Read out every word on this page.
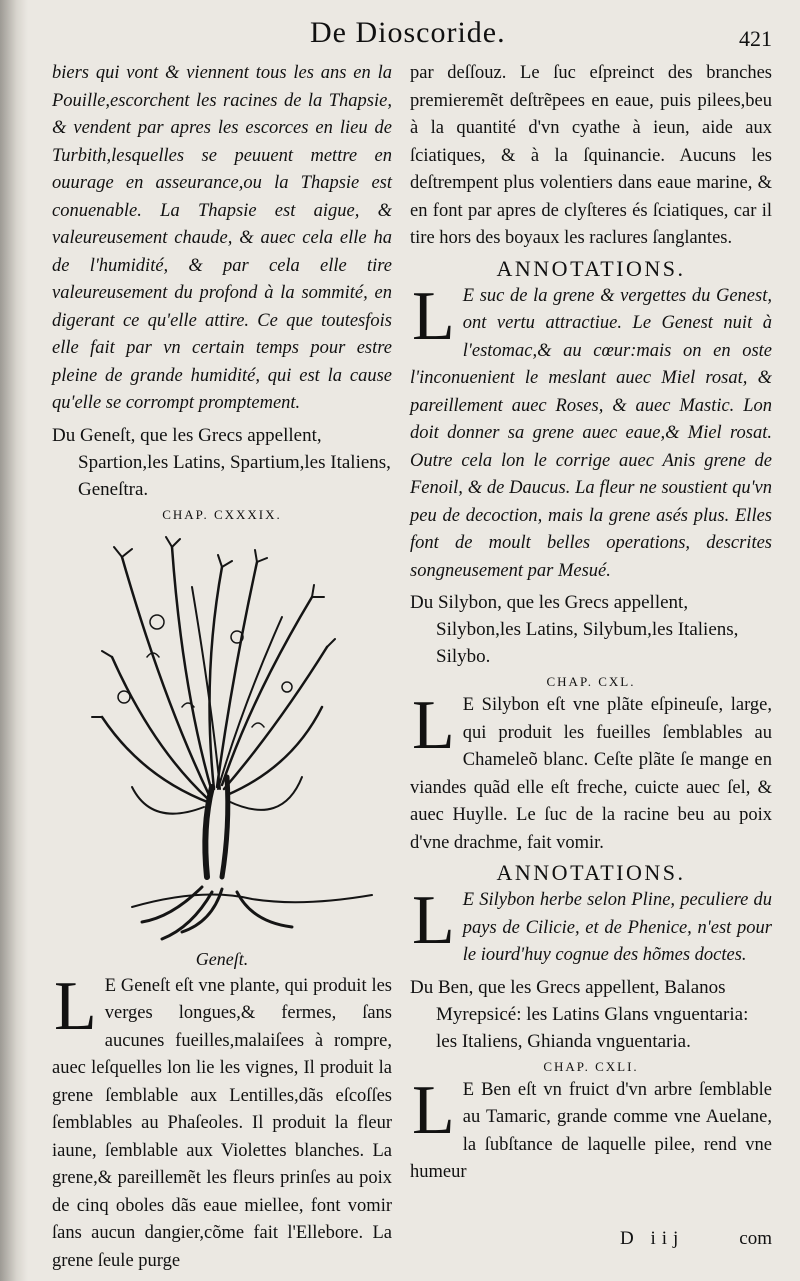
De Dioscoride.	421

biers qui vont & viennent tous les ans en la Pouille,escorchent les racines de la Thapsie, & vendent par apres les escorces en lieu de Turbith,lesquelles se peuuent mettre en ouurage en asseurance,ou la Thapsie est conuenable. La Thapsie est aigue, & valeureusement chaude, & auec cela elle ha de l'humidité, & par cela elle tire valeureusement du profond à la sommité, en digerant ce qu'elle attire. Ce que toutesfois elle fait par vn certain temps pour estre pleine de grande humidité, qui est la cause qu'elle se corrompt promptement.

Du Geneſt, que les Grecs appellent, Spartion,les Latins, Spartium,les Italiens, Geneſtra.

CHAP. CXXXIX.
Geneſt.
L E Geneſt eſt vne plante, qui produit les verges longues,& fermes, ſans aucunes fueilles,malaiſees à rompre, auec leſquelles lon lie les vignes, Il produit la grene ſemblable aux Lentilles,dãs eſcoſſes ſemblables au Phaſeoles. Il produit la fleur iaune, ſemblable aux Violettes blanches. La grene,& pareillemẽt les fleurs prinſes au poix de cinq oboles dãs eaue miellee, font vomir ſans aucun dangier,cõme fait l'Ellebore. La grene ſeule purge

par deſſouz. Le ſuc eſpreinct des branches premieremẽt deſtrẽpees en eaue, puis pilees,beu à la quantité d'vn cyathe à ieun, aide aux ſciatiques, & à la ſquinancie. Aucuns les deſtrempent plus volentiers dans eaue marine, & en font par apres de clyſteres és ſciatiques, car il tire hors des boyaux les raclures ſanglantes.

ANNOTATIONS.
L E suc de la grene & vergettes du Genest, ont vertu attractiue. Le Genest nuit à l'estomac,& au cœur:mais on en oste l'inconuenient le meslant auec Miel rosat, & pareillement auec Roses, & auec Mastic. Lon doit donner sa grene auec eaue,& Miel rosat. Outre cela lon le corrige auec Anis grene de Fenoil, & de Daucus. La fleur ne soustient qu'vn peu de decoction, mais la grene asés plus. Elles font de moult belles operations, descrites songneusement par Mesué.

Du Silybon, que les Grecs appellent, Silybon,les Latins, Silybum,les Italiens, Silybo.

CHAP. CXL.
L E Silybon eſt vne plãte eſpineuſe, large, qui produit les fueilles ſemblables au Chameleõ blanc. Ceſte plãte ſe mange en viandes quãd elle eſt freche, cuicte auec ſel, & auec Huylle. Le ſuc de la racine beu au poix d'vne drachme, fait vomir.

ANNOTATIONS.
L E Silybon herbe selon Pline, peculiere du pays de Cilicie, et de Phenice, n'est pour le iourd'huy cognue des hõmes doctes.

Du Ben, que les Grecs appellent, Balanos Myrepsicé: les Latins Glans vnguentaria: les Italiens, Ghianda vnguentaria.

CHAP. CXLI.
L E Ben eſt vn fruict d'vn arbre ſemblable au Tamaric, grande comme vne Auelane, la ſubſtance de laquelle pilee, rend vne humeur

D iij	com
